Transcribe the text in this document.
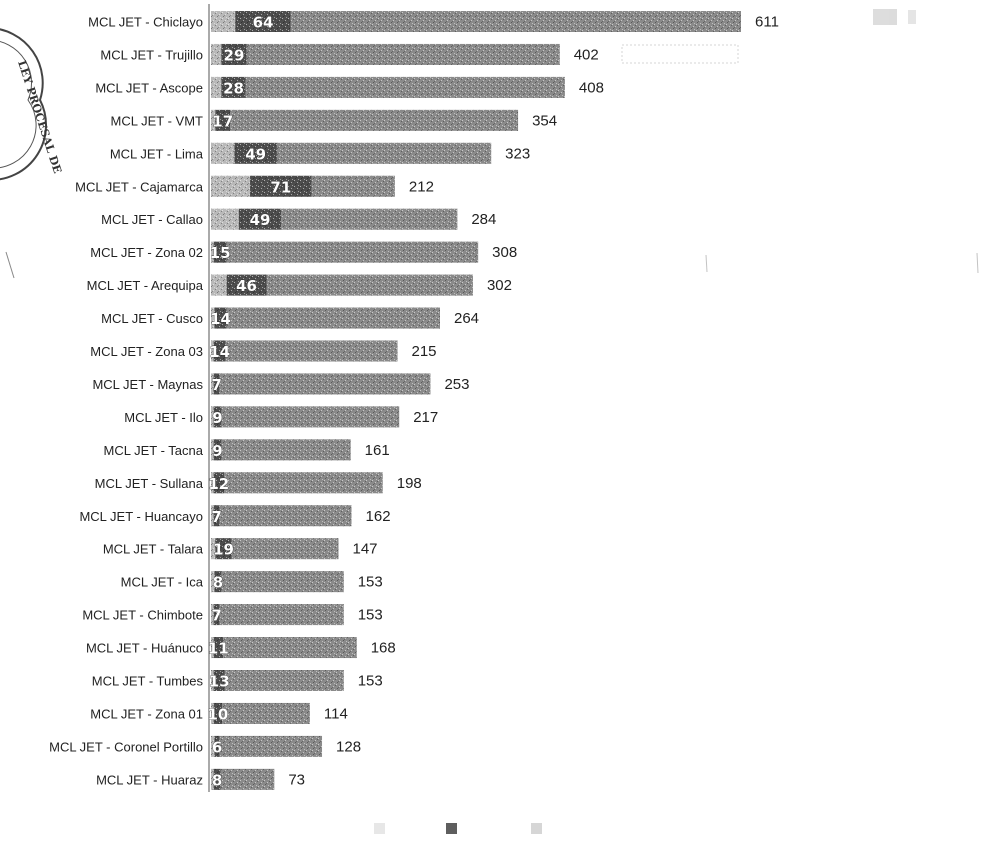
LEY PROCESAL DE
MCL JET - Chiclayo
MCL JET - Trujillo
MCL JET - Ascope
MCL JET - VMT
MCL JET - Lima
MCL JET - Cajamarca
MCL JET - Callao
MCL JET - Zona 02
MCL JET - Arequipa
MCL JET - Cusco
MCL JET - Zona 03
MCL JET - Maynas
MCL JET - Ilo
MCL JET - Tacna
MCL JET - Sullana
MCL JET - Huancayo
MCL JET - Talara
MCL JET - Ica
MCL JET - Chimbote
MCL JET - Huánuco
MCL JET - Tumbes
MCL JET - Zona 01
MCL JET - Coronel Portillo
MCL JET - Huaraz
611
402
408
354
323
212
284
308
302
264
215
253
217
161
198
162
147
153
153
168
153
114
128
73
64
29
28
17
49
71
49
15
46
14
14
7
9
9
12
7
19
8
7
11
13
10
6
8
